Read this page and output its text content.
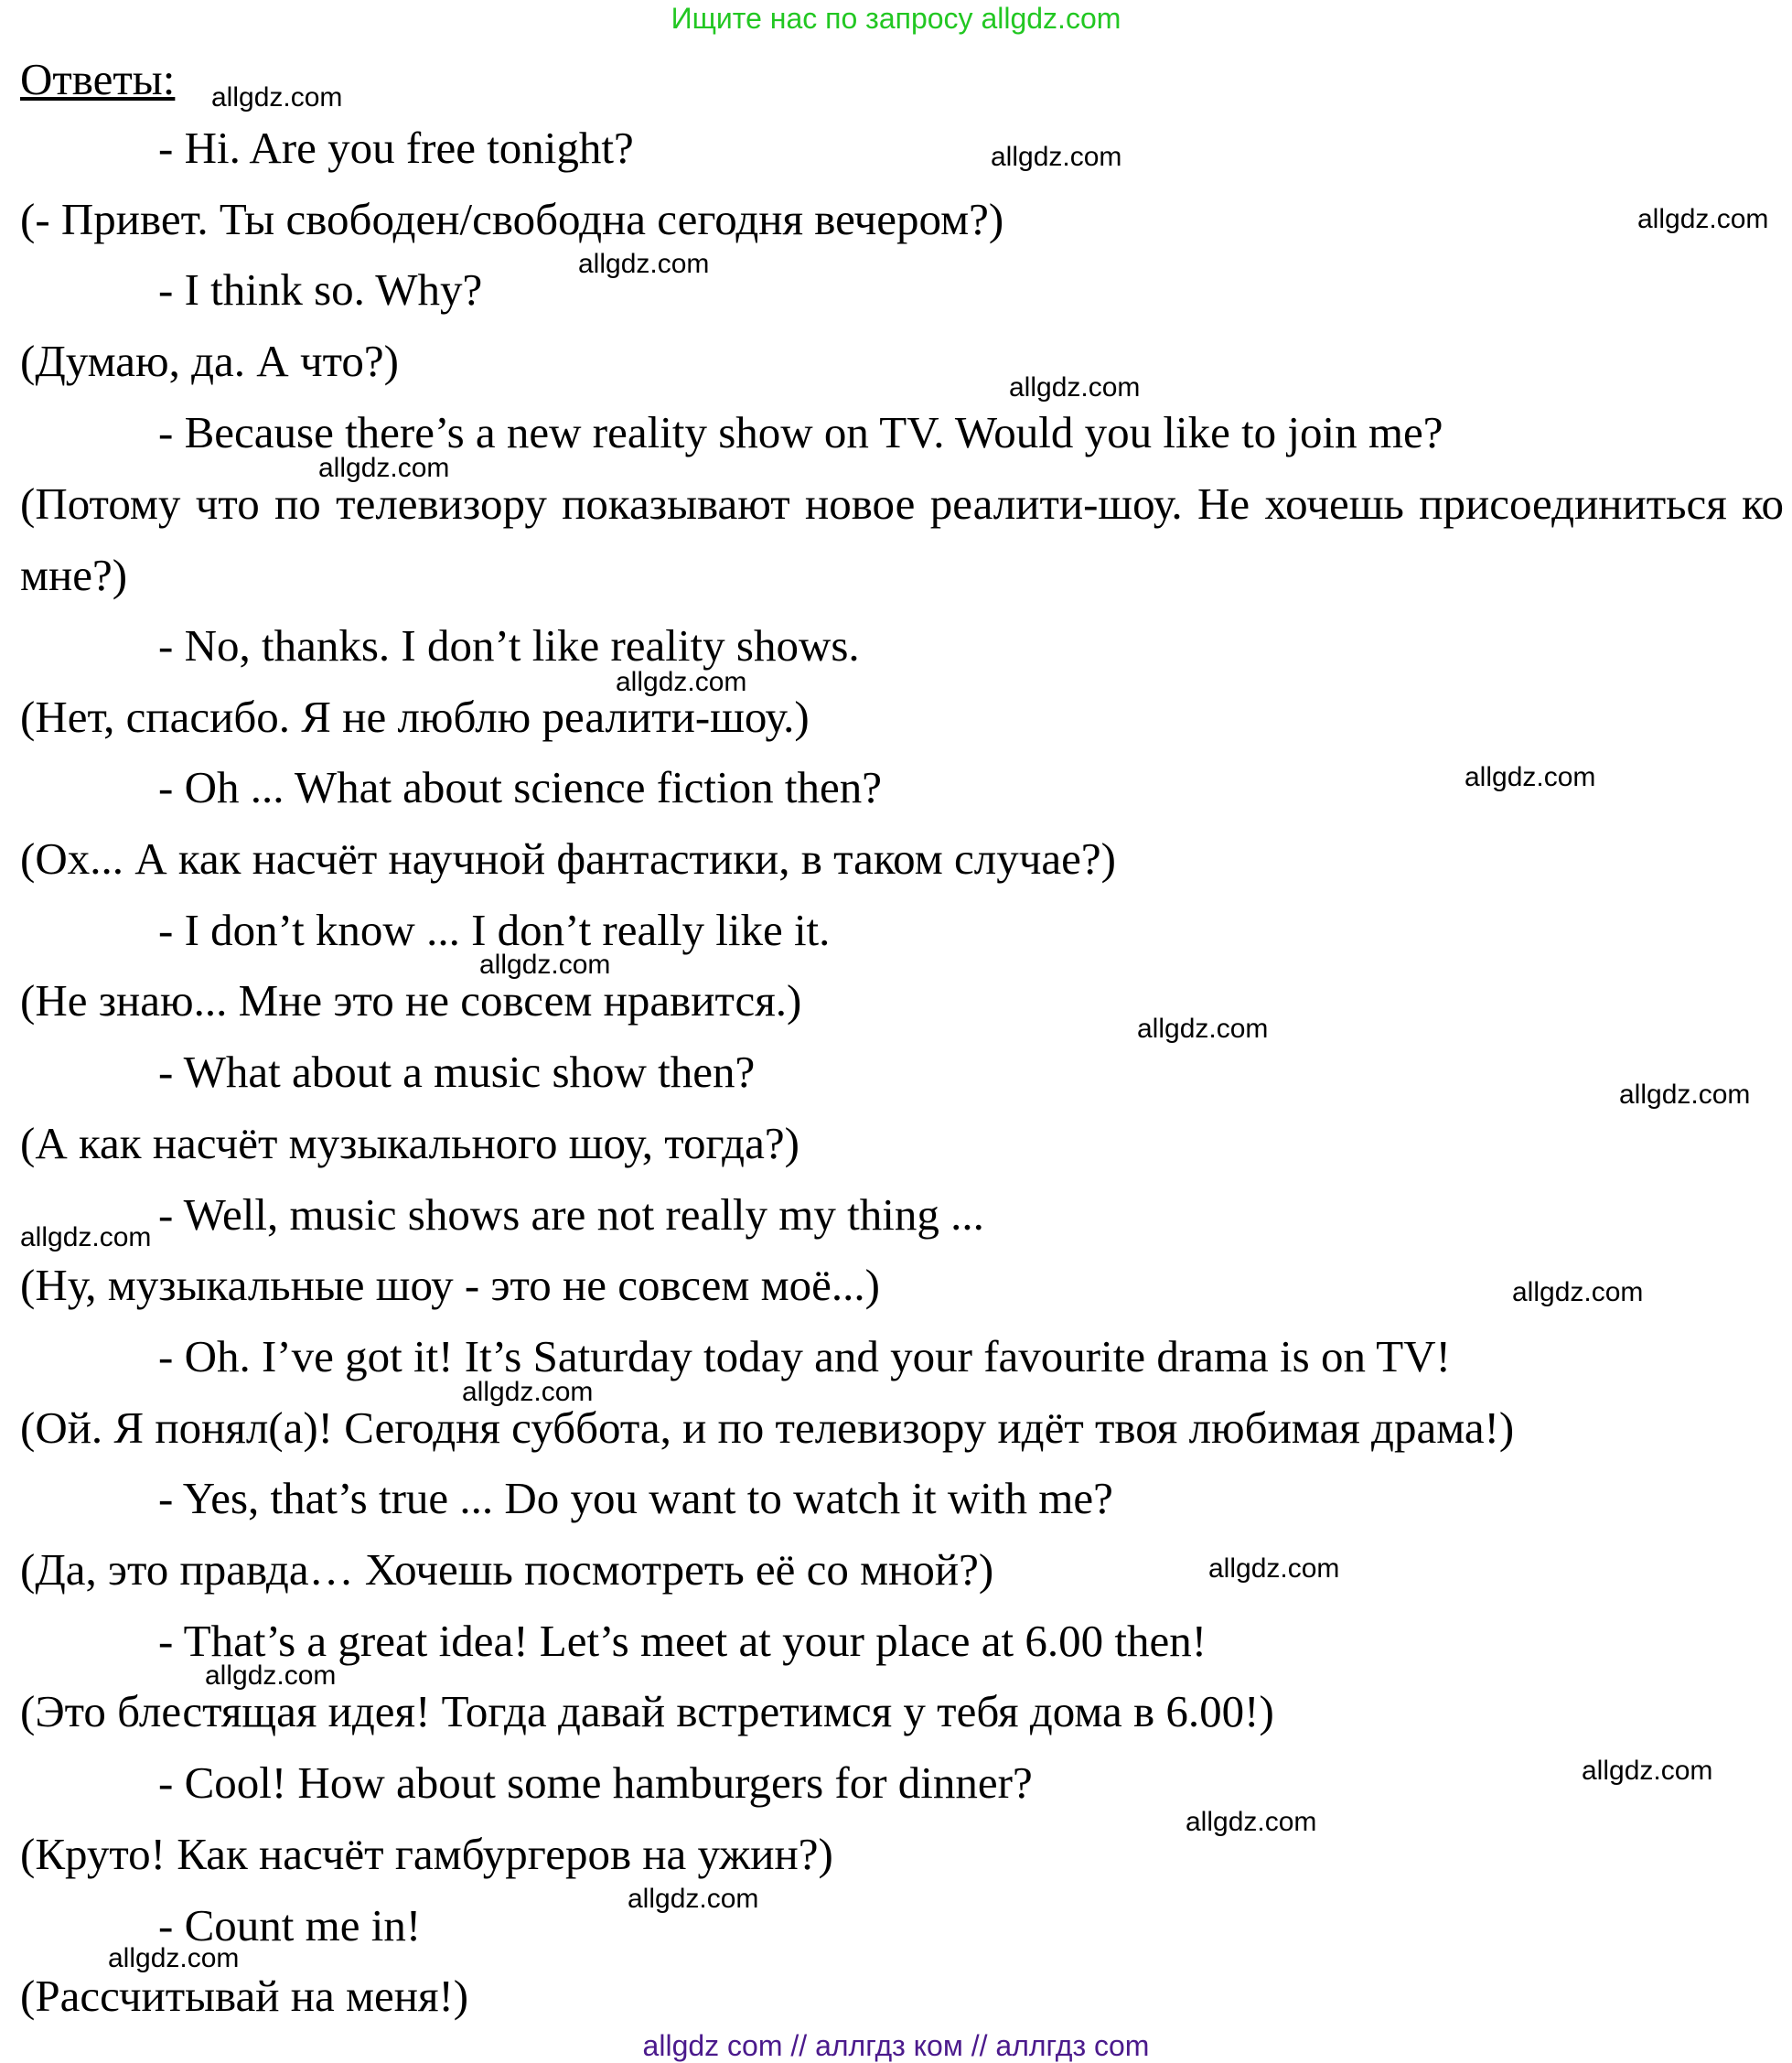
Ищите нас по запросу allgdz.com
Ответы:
- Hi. Are you free tonight?
(- Привет. Ты свободен/свободна сегодня вечером?)
- I think so. Why?
(Думаю, да. А что?)
- Because there’s a new reality show on TV. Would you like to join me?
(Потому что по телевизору показывают новое реалити-шоу. Не хочешь присоединиться ко мне?)
- No, thanks. I don’t like reality shows.
(Нет, спасибо. Я не люблю реалити-шоу.)
- Oh ... What about science fiction then?
(Ох... А как насчёт научной фантастики, в таком случае?)
- I don’t know ... I don’t really like it.
(Не знаю... Мне это не совсем нравится.)
- What about a music show then?
(А как насчёт музыкального шоу, тогда?)
- Well, music shows are not really my thing ...
(Ну, музыкальные шоу - это не совсем моё...)
- Oh. I’ve got it! It’s Saturday today and your favourite drama is on TV!
(Ой. Я понял(а)! Сегодня суббота, и по телевизору идёт твоя любимая драма!)
- Yes, that’s true ... Do you want to watch it with me?
(Да, это правда… Хочешь посмотреть её со мной?)
- That’s a great idea! Let’s meet at your place at 6.00 then!
(Это блестящая идея! Тогда давай встретимся у тебя дома в 6.00!)
- Cool! How about some hamburgers for dinner?
(Круто! Как насчёт гамбургеров на ужин?)
- Count me in!
(Рассчитывай на меня!)
allgdz.com
allgdz.com
allgdz.com
allgdz.com
allgdz.com
allgdz.com
allgdz.com
allgdz.com
allgdz.com
allgdz.com
allgdz.com
allgdz.com
allgdz.com
allgdz.com
allgdz.com
allgdz.com
allgdz.com
allgdz.com
allgdz.com
allgdz.com
allgdz com // аллгдз ком // аллгдз com
